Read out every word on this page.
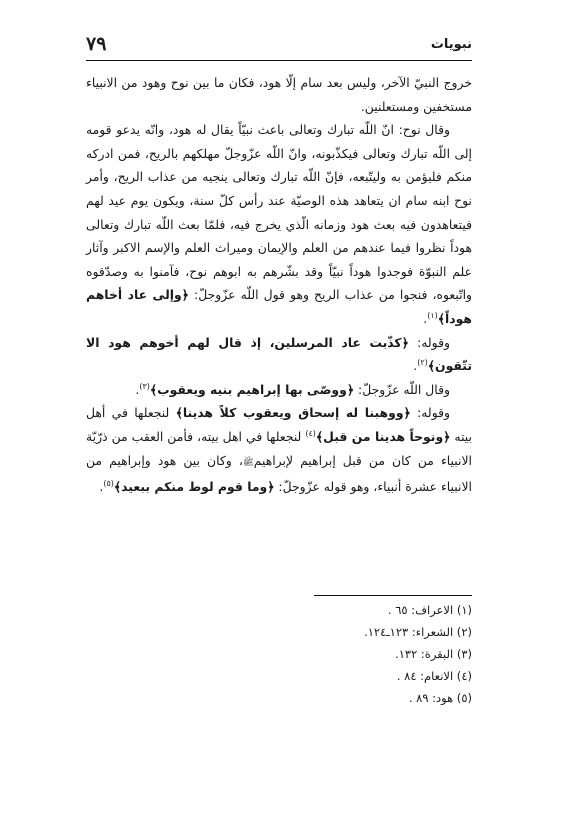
٧٩	نبويات

خروج النبيّ الآخر، وليس بعد سام إلّا هود، فكان ما بين نوح وهود من الانبياء مستخفين ومستعلنين.

وقال نوح: انّ اللّه تبارك وتعالى باعث نبيّاً يقال له هود، وانّه يدعو قومه إلى اللّه تبارك وتعالى فيكذّبونه، وانّ اللّه عزّوجلّ مهلكهم بالريح، فمن ادركه منكم فليؤمن به وليتّبعه، فإنّ اللّه تبارك وتعالى ينجيه من عذاب الريح، وأمر نوح ابنه سام ان يتعاهد هذه الوصيّة عند رأس كلّ سنة، ويكون يوم عيد لهم فيتعاهدون فيه بعث هود وزمانه الّذي يخرج فيه، فلمّا بعث اللّه تبارك وتعالى هوداً نظروا فيما عندهم من العلم والإيمان وميراث العلم والإسم الاكبر وآثار علم النبوّة فوجدوا هوداً نبيّاً وقد بشّرهم به ابوهم نوح، فآمنوا به وصدّقوه واتّبعوه، فنجوا من عذاب الريح وهو قول اللّه عزّوجلّ: ﴿وإلى عاد أخاهم هوداً﴾$^{(١)}$.

وقوله: ﴿كذّبت عاد المرسلين، إذ قال لهم أخوهم هود الا تتّقون﴾$^{(٢)}$.

وقال اللّه عزّوجلّ: ﴿ووصّى بها إبراهيم بنيه ويعقوب﴾$^{(٣)}$.

وقوله: ﴿ووهبنا له إسحاق ويعقوب كلاً هدينا﴾ لنجعلها في أهل بيته ﴿ونوحاً هدينا من قبل﴾$^{(٤)}$ لنجعلها في اهل بيته، فأمن العقب من ذرّيّة الانبياء من كان من قبل إبراهيم لإبراهيمﷺ، وكان بين هود وإبراهيم من الانبياء عشرة أنبياء، وهو قوله عزّوجلّ: ﴿وما قوم لوط منكم ببعيد﴾$^{(٥)}$.

(١) الاعراف: ٦٥ .
(٢) الشعراء: ١٢٣ـ١٢٤.
(٣) البقرة: ١٣٢.
(٤) الانعام: ٨٤ .
(٥) هود: ٨٩ .
